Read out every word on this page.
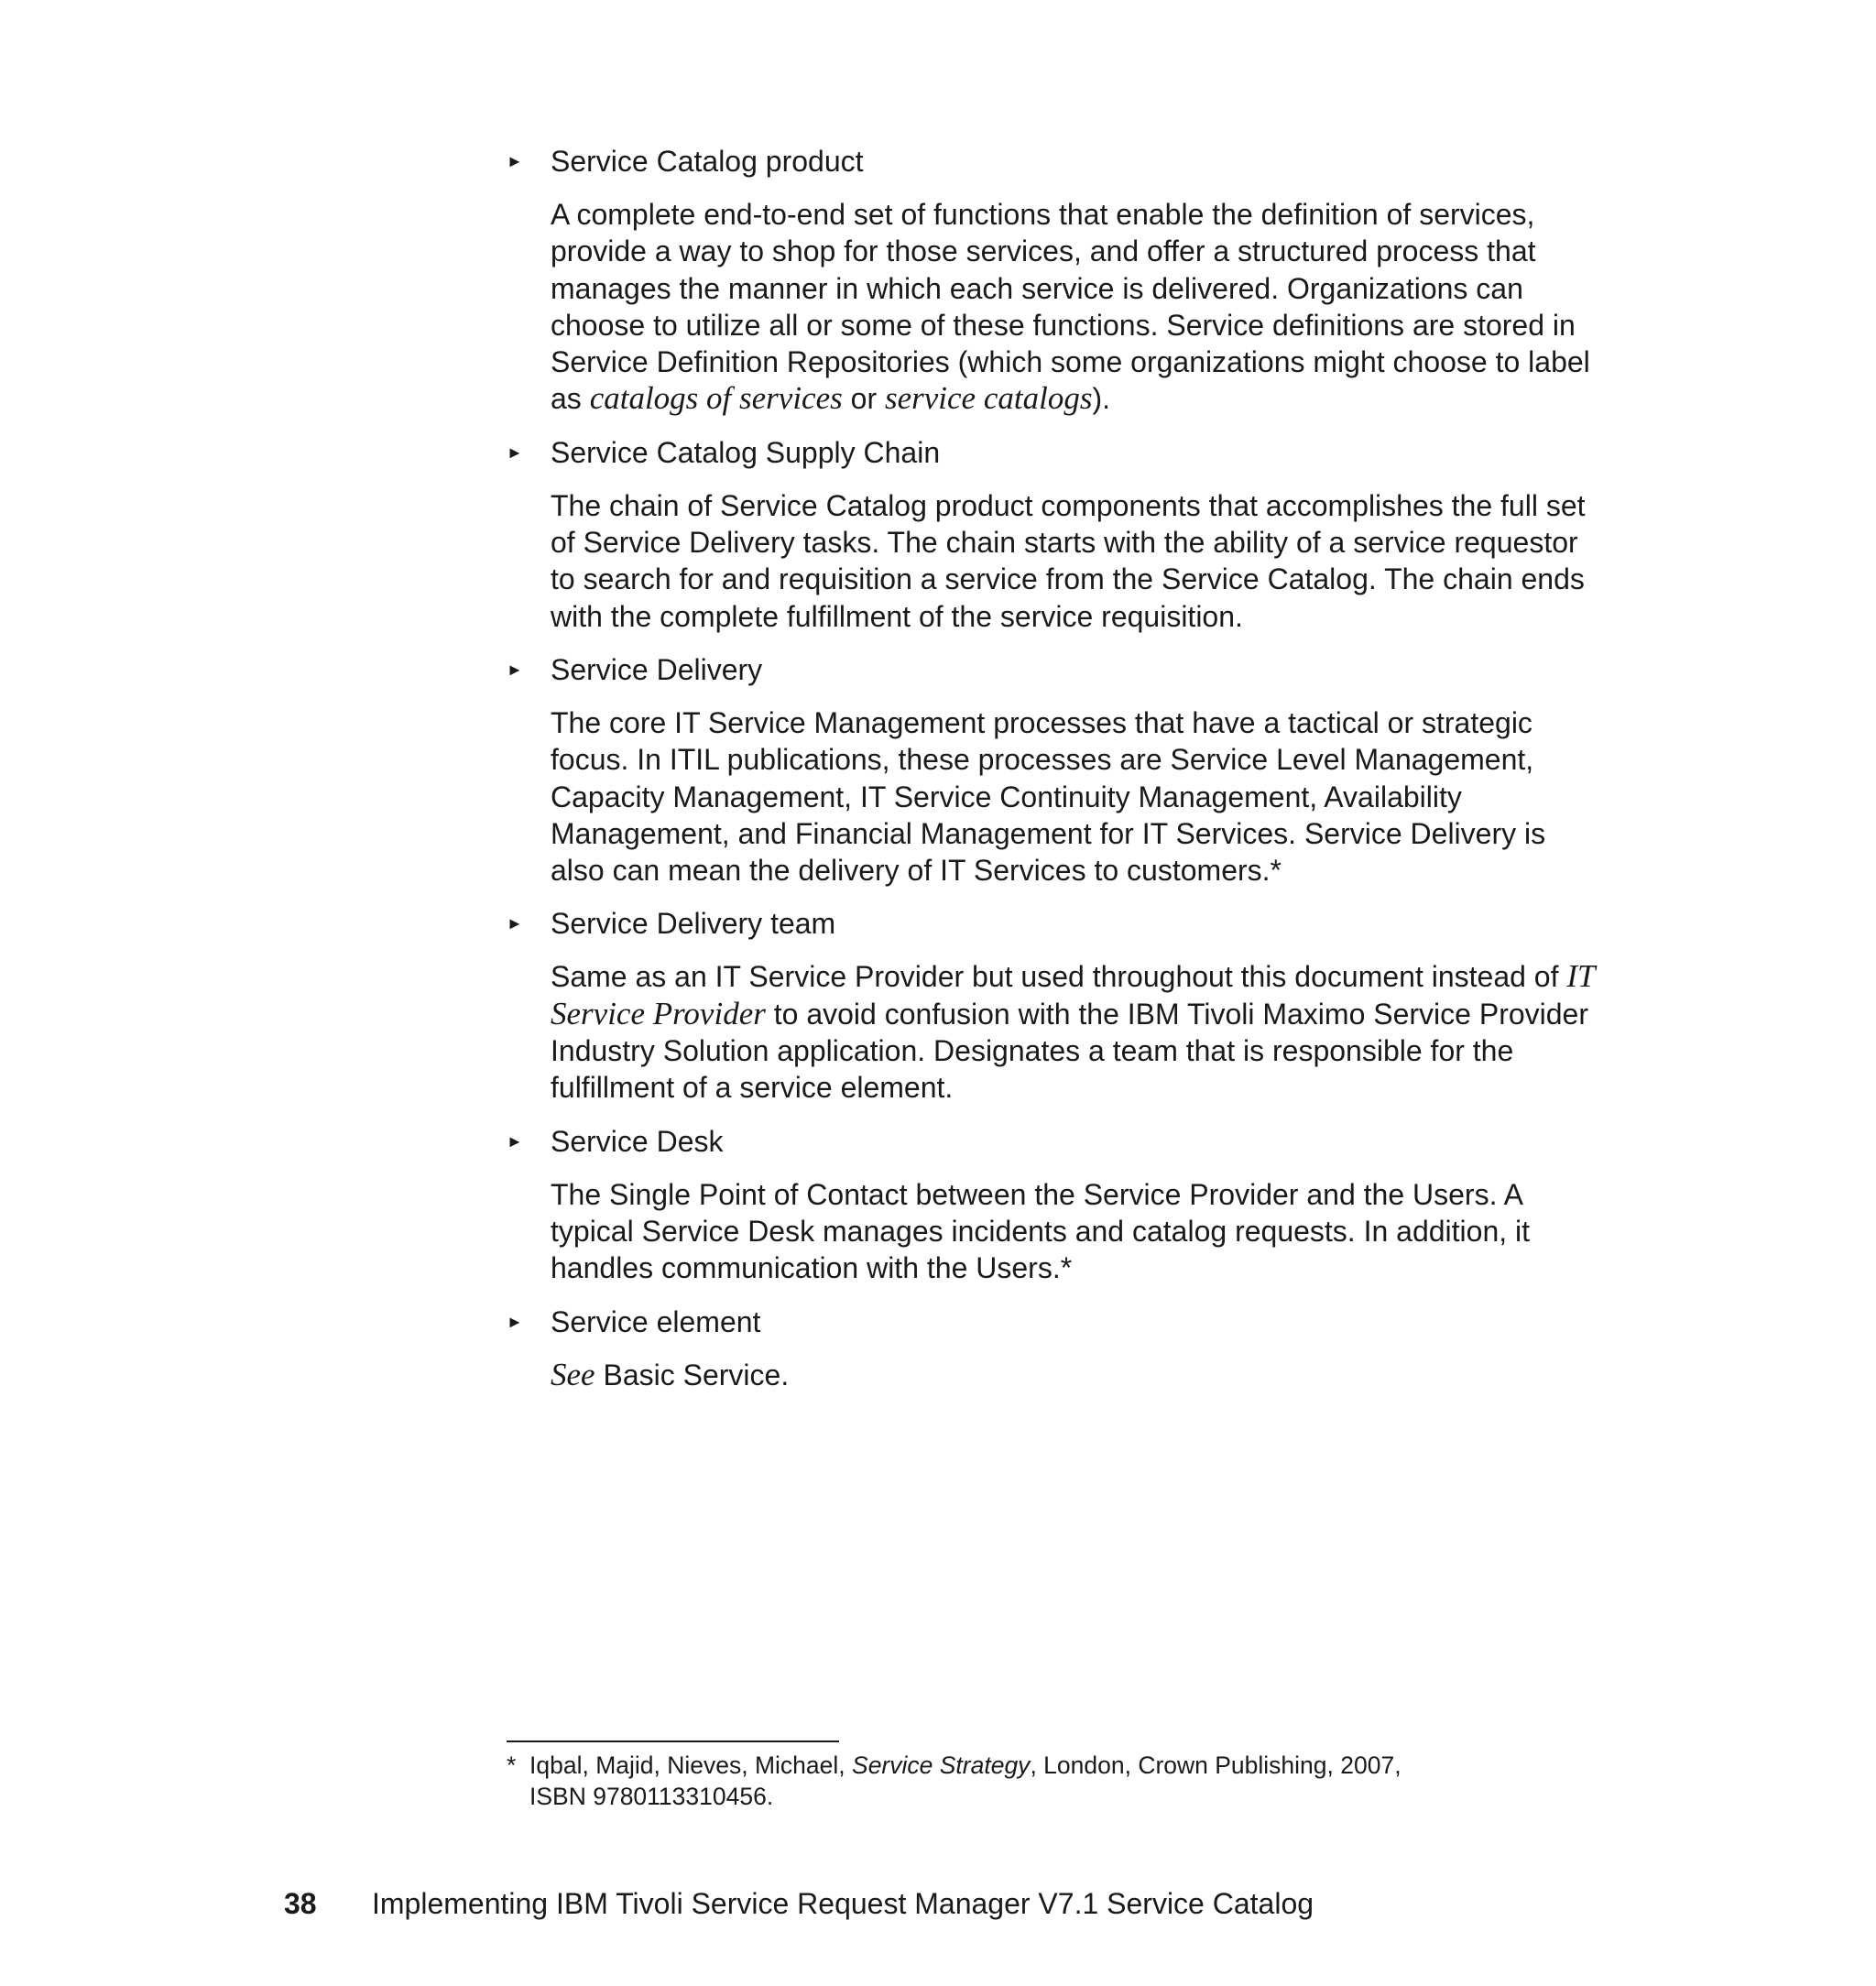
► Service Catalog product

A complete end-to-end set of functions that enable the definition of services, provide a way to shop for those services, and offer a structured process that manages the manner in which each service is delivered. Organizations can choose to utilize all or some of these functions. Service definitions are stored in Service Definition Repositories (which some organizations might choose to label as catalogs of services or service catalogs).

► Service Catalog Supply Chain

The chain of Service Catalog product components that accomplishes the full set of Service Delivery tasks. The chain starts with the ability of a service requestor to search for and requisition a service from the Service Catalog. The chain ends with the complete fulfillment of the service requisition.

► Service Delivery

The core IT Service Management processes that have a tactical or strategic focus. In ITIL publications, these processes are Service Level Management, Capacity Management, IT Service Continuity Management, Availability Management, and Financial Management for IT Services. Service Delivery is also can mean the delivery of IT Services to customers.*

► Service Delivery team

Same as an IT Service Provider but used throughout this document instead of IT Service Provider to avoid confusion with the IBM Tivoli Maximo Service Provider Industry Solution application. Designates a team that is responsible for the fulfillment of a service element.

► Service Desk

The Single Point of Contact between the Service Provider and the Users. A typical Service Desk manages incidents and catalog requests. In addition, it handles communication with the Users.*

► Service element

See Basic Service.

* Iqbal, Majid, Nieves, Michael, Service Strategy, London, Crown Publishing, 2007,
ISBN 9780113310456.
38 Implementing IBM Tivoli Service Request Manager V7.1 Service Catalog
